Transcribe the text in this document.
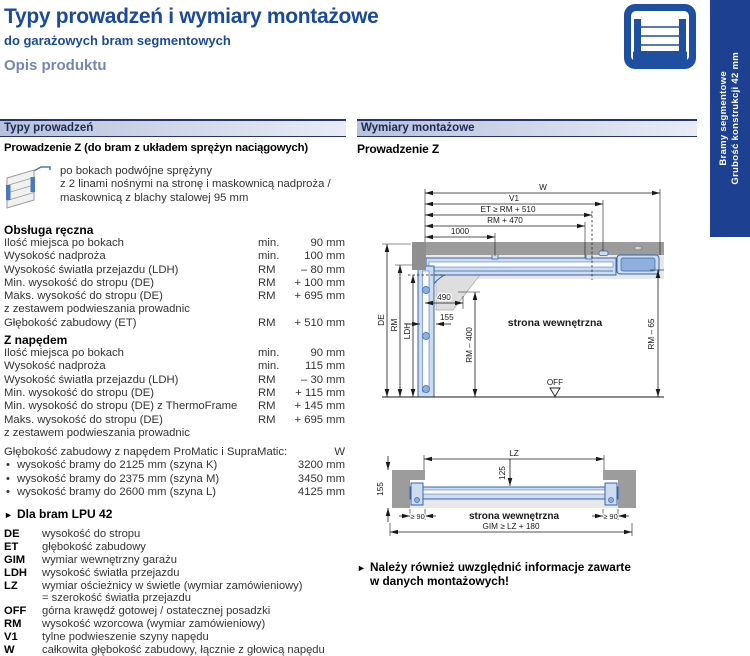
Typy prowadzeń i wymiary montażowe
do garażowych bram segmentowych
Opis produktu
Bramy segmentowe Grubość konstrukcji 42 mm
Typy prowadzeń	Wymiary montażowe
Prowadzenie Z (do bram z układem sprężyn naciągowych)	Prowadzenie Z
po bokach podwójne sprężyny
z 2 linami nośnymi na stronę i maskownicą nadproża /
maskownicą z blachy stalowej 95 mm
Obsługa ręczna
Ilość miejsca po bokach	min.	90 mm
Wysokość nadproża	min.	100 mm
Wysokość światła przejazdu (LDH)	RM	– 80 mm
Min. wysokość do stropu (DE)	RM	+ 100 mm
Maks. wysokość do stropu (DE)	RM	+ 695 mm
z zestawem podwieszania prowadnic
Głębokość zabudowy (ET)	RM	+ 510 mm
Z napędem
Ilość miejsca po bokach	min.	90 mm
Wysokość nadproża	min.	115 mm
Wysokość światła przejazdu (LDH)	RM	– 30 mm
Min. wysokość do stropu (DE)	RM	+ 115 mm
Min. wysokość do stropu (DE) z ThermoFrame	RM	+ 145 mm
Maks. wysokość do stropu (DE)	RM	+ 695 mm
z zestawem podwieszania prowadnic
Głębokość zabudowy z napędem ProMatic i SupraMatic:	W
• wysokość bramy do 2125 mm (szyna K)	3200 mm
• wysokość bramy do 2375 mm (szyna M)	3450 mm
• wysokość bramy do 2600 mm (szyna L)	4125 mm
► Dla bram LPU 42
DE	wysokość do stropu
ET	głębokość zabudowy
GIM	wymiar wewnętrzny garażu
LDH	wysokość światła przejazdu
LZ	wymiar ościeżnicy w świetle (wymiar zamówieniowy)
= szerokość światła przejazdu
OFF	górna krawędź gotowej / ostatecznej posadzki
RM	wysokość wzorcowa (wymiar zamówieniowy)
V1	tylne podwieszenie szyny napędu
W	całkowita głębokość zabudowy, łącznie z głowicą napędu
W
V1
ET ≥ RM + 510
RM + 470
1000
DE RM LDH	RM – 400	RM – 65
490
155	strona wewnętrzna
OFF
LZ
125
155
≥ 90	≥ 90
GIM ≥ LZ + 180
strona wewnętrzna
► Należy również uwzględnić informacje zawarte
w danych montażowych!
